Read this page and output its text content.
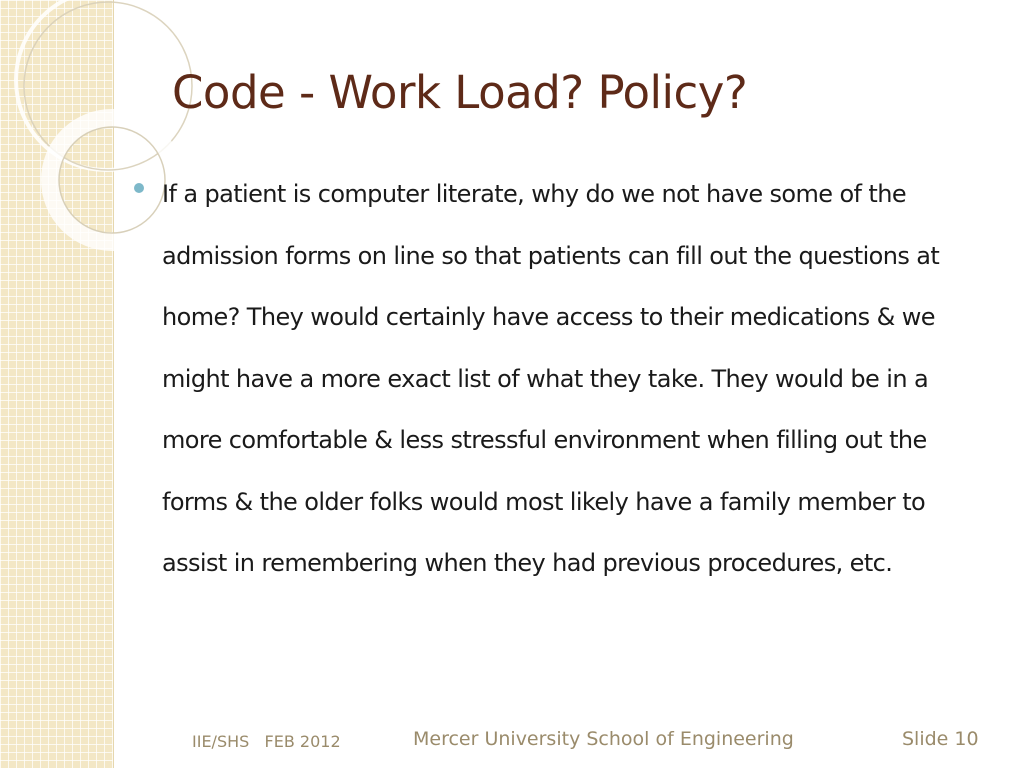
Code - Work Load? Policy?

If a patient is computer literate, why do we not have some of the admission forms on line so that patients can fill out the questions at home? They would certainly have access to their medications & we might have a more exact list of what they take. They would be in a more comfortable & less stressful environment when filling out the forms & the older folks would most likely have a family member to assist in remembering when they had previous procedures, etc.

IIE/SHS   FEB 2012	Mercer University School of Engineering	Slide 10
